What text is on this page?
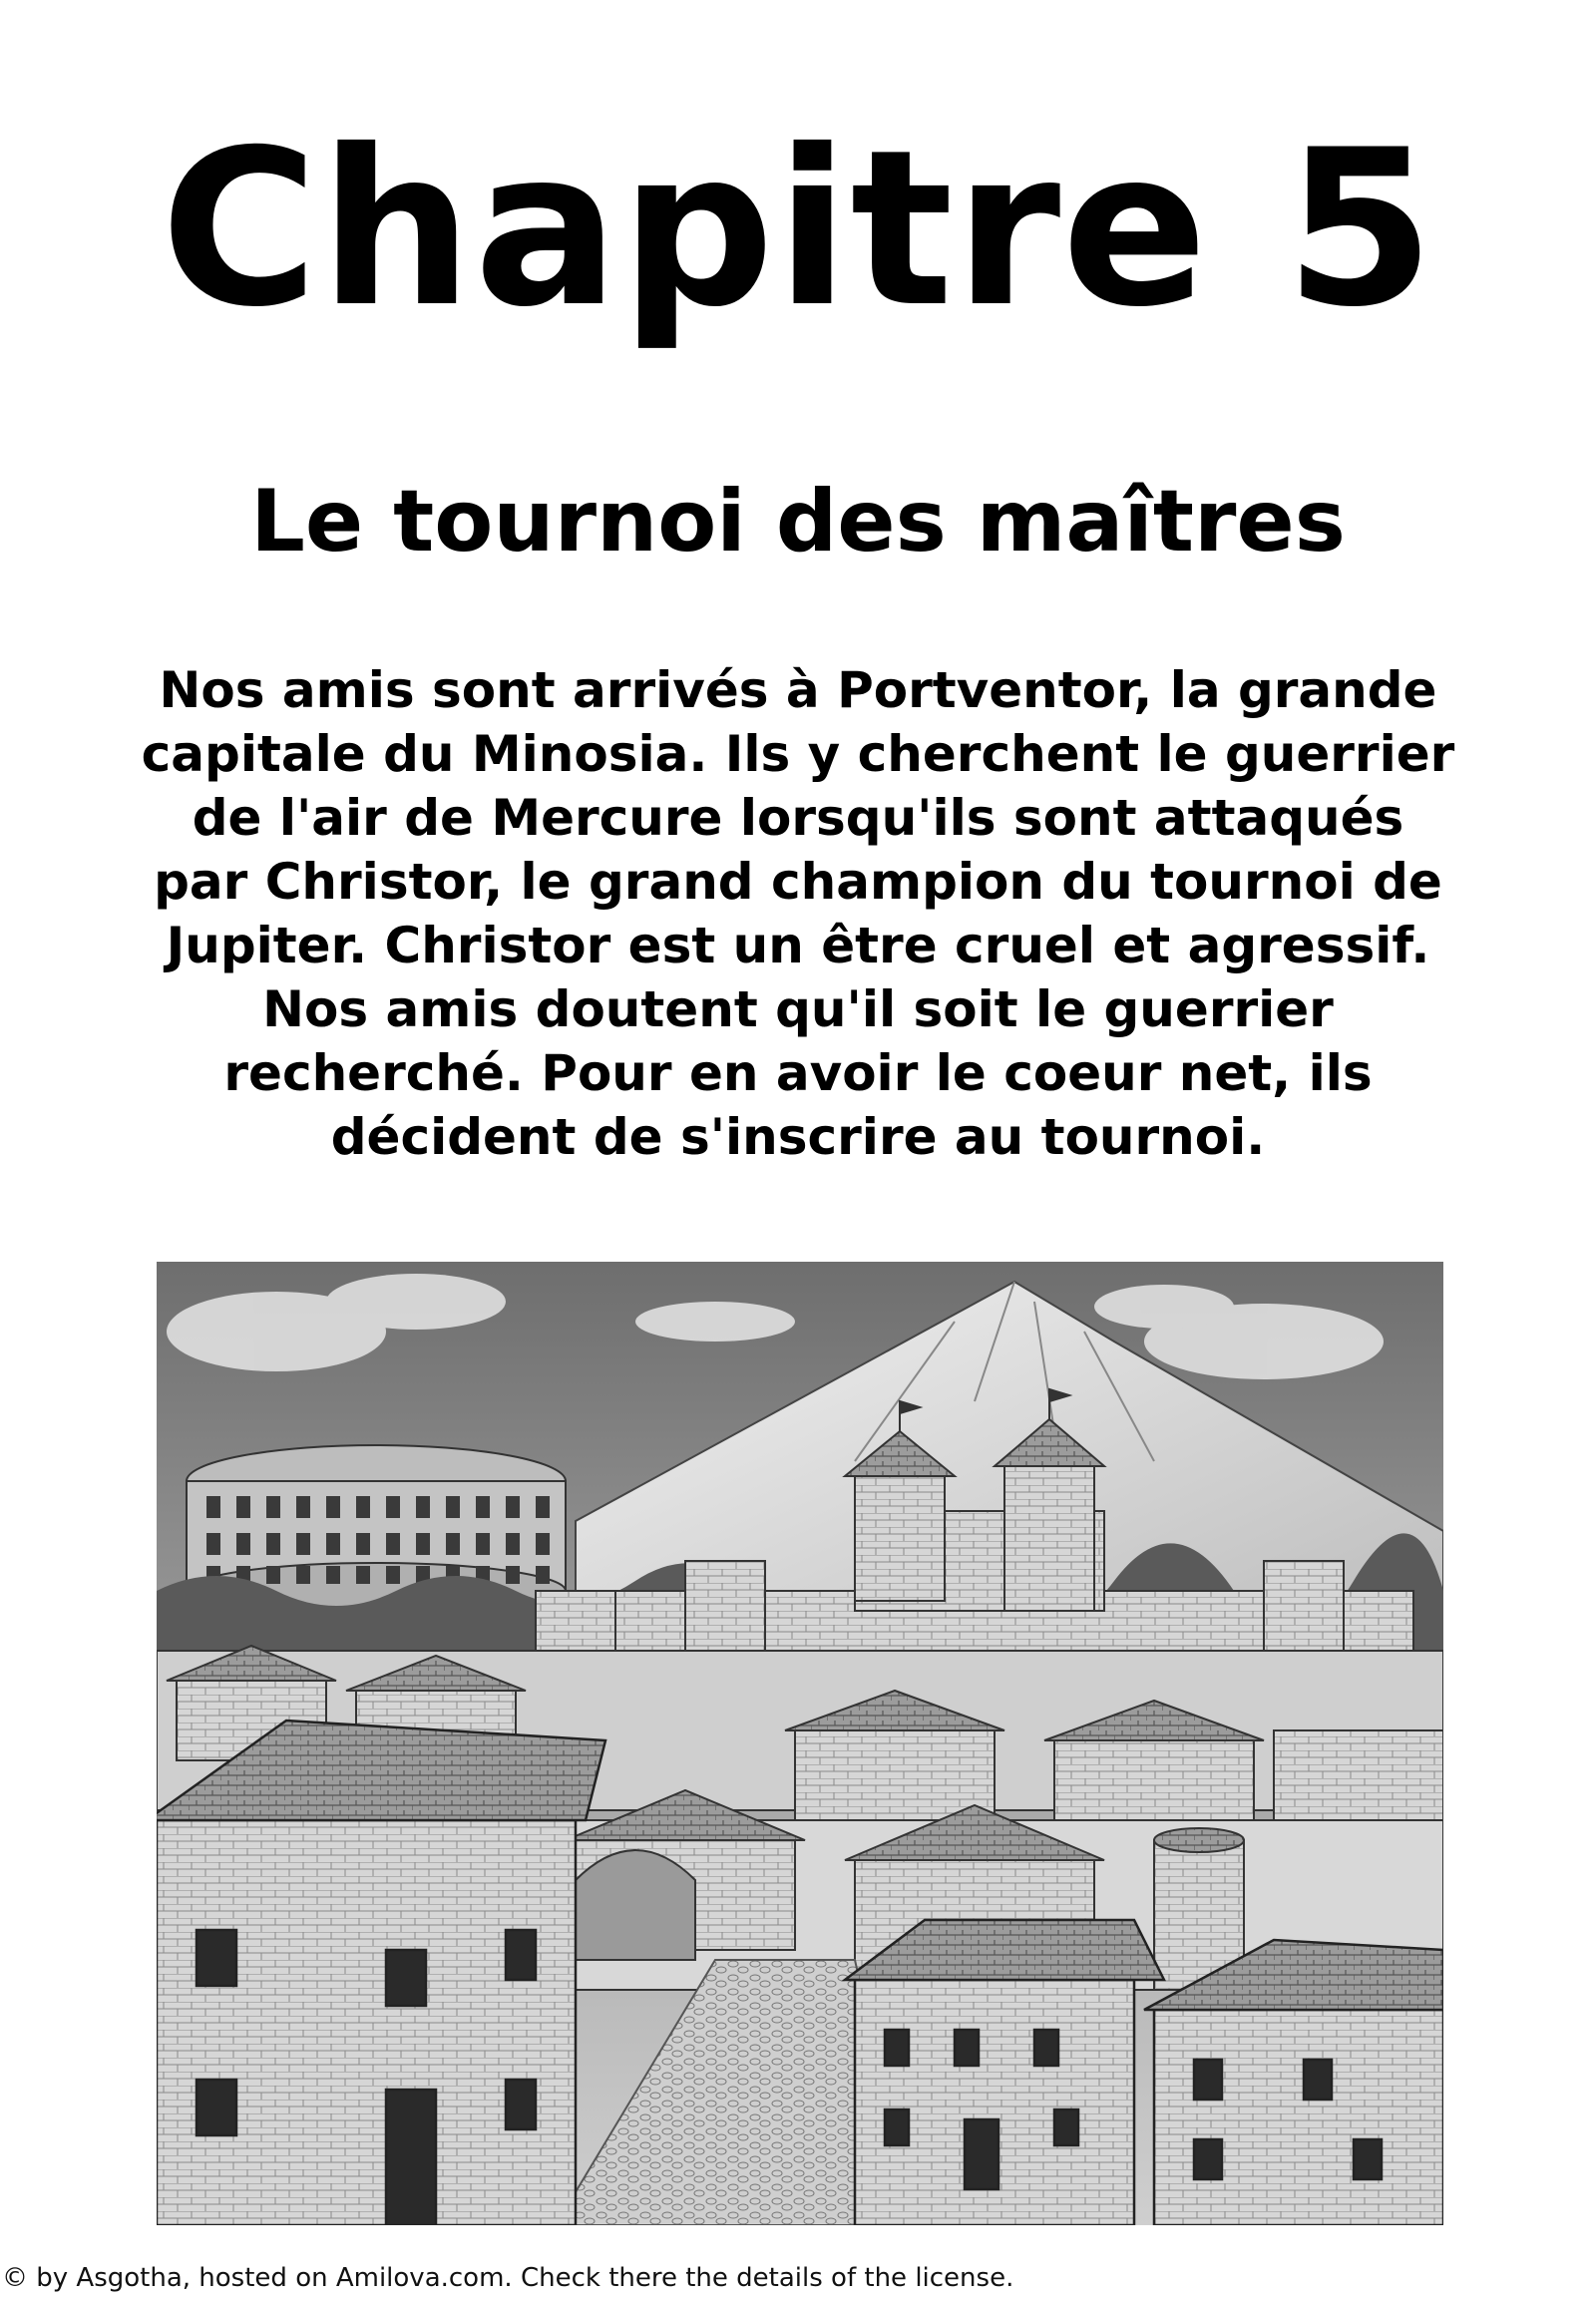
Chapitre 5
Le tournoi des maîtres
Nos amis sont arrivés à Portventor, la grande
capitale du Minosia. Ils y cherchent le guerrier
de l'air de Mercure lorsqu'ils sont attaqués
par Christor, le grand champion du tournoi de
Jupiter. Christor est un être cruel et agressif.
Nos amis doutent qu'il soit le guerrier
recherché. Pour en avoir le coeur net, ils
décident de s'inscrire au tournoi.
© by Asgotha, hosted on Amilova.com. Check there the details of the license.
